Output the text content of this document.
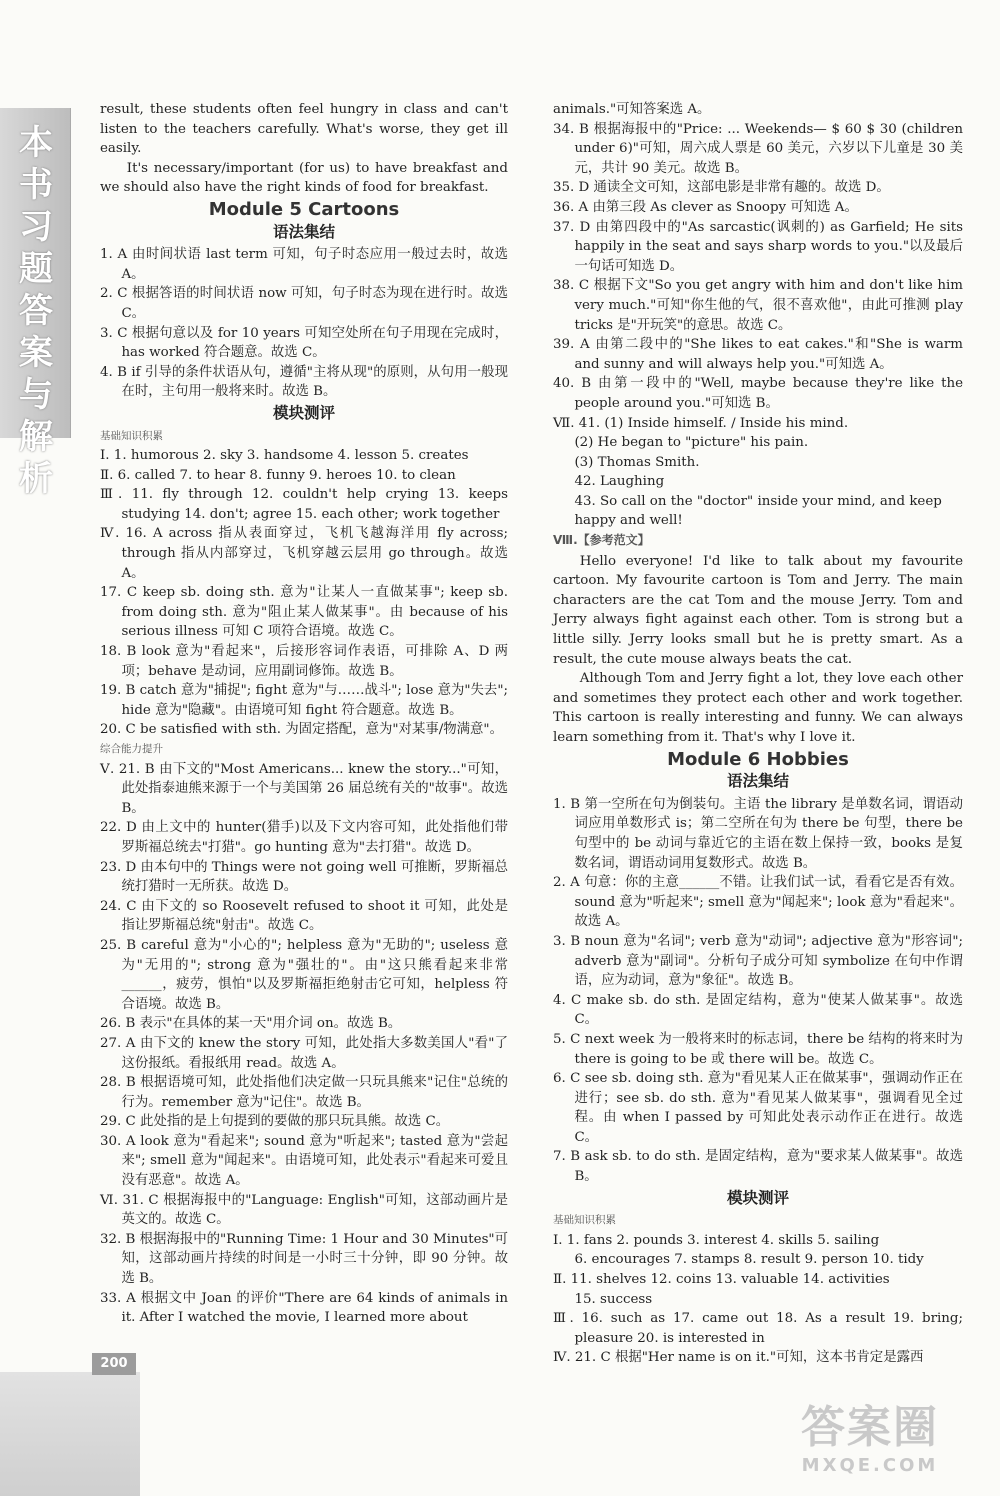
本书习题答案与解析

result, these students often feel hungry in class and can't listen to the teachers carefully. What's worse, they get ill easily.

It's necessary/important (for us) to have breakfast and we should also have the right kinds of food for breakfast.

Module 5 Cartoons
语法集结

1. A 由时间状语 last term 可知，句子时态应用一般过去时，故选 A。

2. C 根据答语的时间状语 now 可知，句子时态为现在进行时。故选 C。

3. C 根据句意以及 for 10 years 可知空处所在句子用现在完成时，has worked 符合题意。故选 C。

4. B if 引导的条件状语从句，遵循"主将从现"的原则，从句用一般现在时，主句用一般将来时。故选 B。

模块测评

基础知识积累

Ⅰ. 1. humorous 2. sky 3. handsome 4. lesson 5. creates

Ⅱ. 6. called 7. to hear 8. funny 9. heroes 10. to clean

Ⅲ. 11. fly through 12. couldn't help crying 13. keeps studying 14. don't; agree 15. each other; work together

Ⅳ. 16. A across 指从表面穿过，飞机飞越海洋用 fly across; through 指从内部穿过，飞机穿越云层用 go through。故选 A。

17. C keep sb. doing sth. 意为"让某人一直做某事"; keep sb. from doing sth. 意为"阻止某人做某事"。由 because of his serious illness 可知 C 项符合语境。故选 C。

18. B look 意为"看起来"，后接形容词作表语，可排除 A、D 两项；behave 是动词，应用副词修饰。故选 B。

19. B catch 意为"捕捉"; fight 意为"与……战斗"; lose 意为"失去"; hide 意为"隐藏"。由语境可知 fight 符合题意。故选 B。

20. C be satisfied with sth. 为固定搭配，意为"对某事/物满意"。

综合能力提升

Ⅴ. 21. B 由下文的"Most Americans... knew the story..."可知，此处指泰迪熊来源于一个与美国第 26 届总统有关的"故事"。故选 B。

22. D 由上文中的 hunter(猎手)以及下文内容可知，此处指他们带罗斯福总统去"打猎"。go hunting 意为"去打猎"。故选 D。

23. D 由本句中的 Things were not going well 可推断，罗斯福总统打猎时一无所获。故选 D。

24. C 由下文的 so Roosevelt refused to shoot it 可知，此处是指让罗斯福总统"射击"。故选 C。

25. B careful 意为"小心的"; helpless 意为"无助的"; useless 意为"无用的"; strong 意为"强壮的"。由"这只熊看起来非常______，疲劳，惧怕"以及罗斯福拒绝射击它可知，helpless 符合语境。故选 B。

26. B 表示"在具体的某一天"用介词 on。故选 B。

27. A 由下文的 knew the story 可知，此处指大多数美国人"看"了这份报纸。看报纸用 read。故选 A。

28. B 根据语境可知，此处指他们决定做一只玩具熊来"记住"总统的行为。remember 意为"记住"。故选 B。

29. C 此处指的是上句提到的要做的那只玩具熊。故选 C。

30. A look 意为"看起来"; sound 意为"听起来"; tasted 意为"尝起来"; smell 意为"闻起来"。由语境可知，此处表示"看起来可爱且没有恶意"。故选 A。

Ⅵ. 31. C 根据海报中的"Language: English"可知，这部动画片是英文的。故选 C。

32. B 根据海报中的"Running Time: 1 Hour and 30 Minutes"可知，这部动画片持续的时间是一小时三十分钟，即 90 分钟。故选 B。

33. A 根据文中 Joan 的评价"There are 64 kinds of animals in it. After I watched the movie, I learned more about

animals."可知答案选 A。

34. B 根据海报中的"Price: ... Weekends— $ 60 $ 30 (children under 6)"可知，周六成人票是 60 美元，六岁以下儿童是 30 美元，共计 90 美元。故选 B。

35. D 通读全文可知，这部电影是非常有趣的。故选 D。

36. A 由第三段 As clever as Snoopy 可知选 A。

37. D 由第四段中的"As sarcastic(讽刺的) as Garfield; He sits happily in the seat and says sharp words to you."以及最后一句话可知选 D。

38. C 根据下文"So you get angry with him and don't like him very much."可知"你生他的气，很不喜欢他"，由此可推测 play tricks 是"开玩笑"的意思。故选 C。

39. A 由第二段中的"She likes to eat cakes."和"She is warm and sunny and will always help you."可知选 A。

40. B 由第一段中的"Well, maybe because they're like the people around you."可知选 B。

Ⅶ. 41. (1) Inside himself. / Inside his mind.

(2) He began to "picture" his pain.

(3) Thomas Smith.

42. Laughing

43. So call on the "doctor" inside your mind, and keep happy and well!

Ⅷ.【参考范文】

Hello everyone! I'd like to talk about my favourite cartoon. My favourite cartoon is Tom and Jerry. The main characters are the cat Tom and the mouse Jerry. Tom and Jerry always fight against each other. Tom is strong but a little silly. Jerry looks small but he is pretty smart. As a result, the cute mouse always beats the cat.

Although Tom and Jerry fight a lot, they love each other and sometimes they protect each other and work together. This cartoon is really interesting and funny. We can always learn something from it. That's why I love it.

Module 6 Hobbies
语法集结

1. B 第一空所在句为倒装句。主语 the library 是单数名词，谓语动词应用单数形式 is；第二空所在句为 there be 句型，there be 句型中的 be 动词与靠近它的主语在数上保持一致，books 是复数名词，谓语动词用复数形式。故选 B。

2. A 句意：你的主意______不错。让我们试一试，看看它是否有效。sound 意为"听起来"; smell 意为"闻起来"; look 意为"看起来"。故选 A。

3. B noun 意为"名词"; verb 意为"动词"; adjective 意为"形容词"; adverb 意为"副词"。分析句子成分可知 symbolize 在句中作谓语，应为动词，意为"象征"。故选 B。

4. C make sb. do sth. 是固定结构，意为"使某人做某事"。故选 C。

5. C next week 为一般将来时的标志词，there be 结构的将来时为 there is going to be 或 there will be。故选 C。

6. C see sb. doing sth. 意为"看见某人正在做某事"，强调动作正在进行；see sb. do sth. 意为"看见某人做某事"，强调看见全过程。由 when I passed by 可知此处表示动作正在进行。故选 C。

7. B ask sb. to do sth. 是固定结构，意为"要求某人做某事"。故选 B。

模块测评

基础知识积累

Ⅰ. 1. fans 2. pounds 3. interest 4. skills 5. sailing

6. encourages 7. stamps 8. result 9. person 10. tidy

Ⅱ. 11. shelves 12. coins 13. valuable 14. activities

15. success

Ⅲ. 16. such as 17. came out 18. As a result 19. bring; pleasure 20. is interested in

Ⅳ. 21. C 根据"Her name is on it."可知，这本书肯定是露西

200
答案圈
MXQE.COM
